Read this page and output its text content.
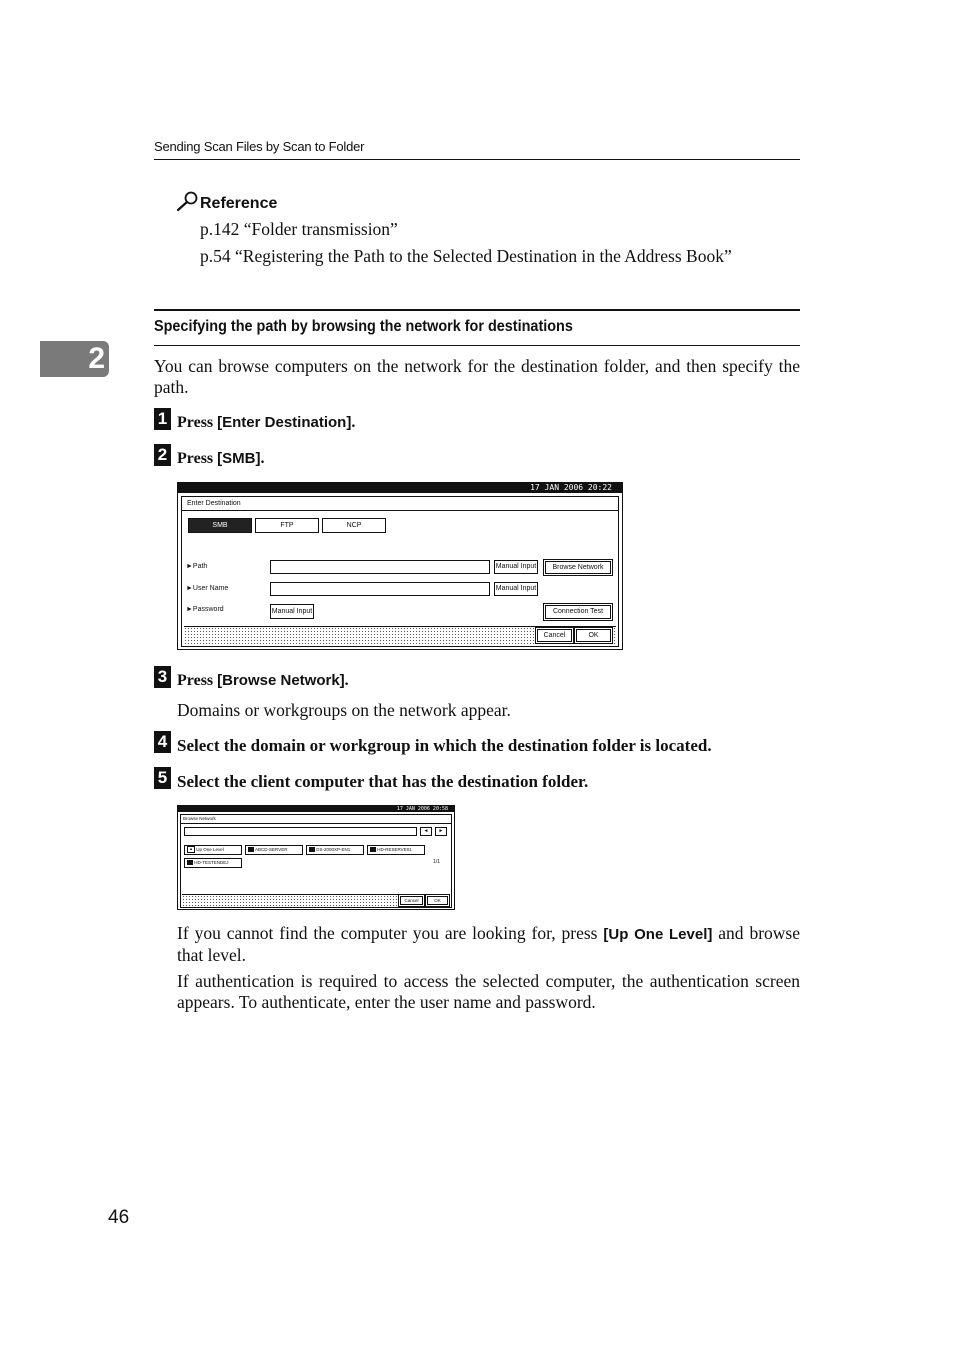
Sending Scan Files by Scan to Folder
2
Reference
p.142 “Folder transmission”
p.54 “Registering the Path to the Selected Destination in the Address Book”
Specifying the path by browsing the network for destinations
You can browse computers on the network for the destination folder, and then specify the path.
1 Press [Enter Destination].
2 Press [SMB].
17 JAN 2006 20:22
Enter Destination
SMB	FTP	NCP
►Path	Manual Input	Browse Network
►User Name	Manual Input
►Password	Manual Input	Connection Test
Cancel	OK
3 Press [Browse Network].
Domains or workgroups on the network appear.
4 Select the domain or workgroup in which the destination folder is located.
5 Select the client computer that has the destination folder.
17 JAN 2006 20:58
Browse Network
◄	►
▲ Up One Level	ABCD-SERVER	DS-2000XP-EN1	HD-RESERVE01
HD-TESTENDEJ	1/1
Cancel	OK
If you cannot find the computer you are looking for, press [Up One Level] and browse that level.
If authentication is required to access the selected computer, the authentication screen appears. To authenticate, enter the user name and password.
46
